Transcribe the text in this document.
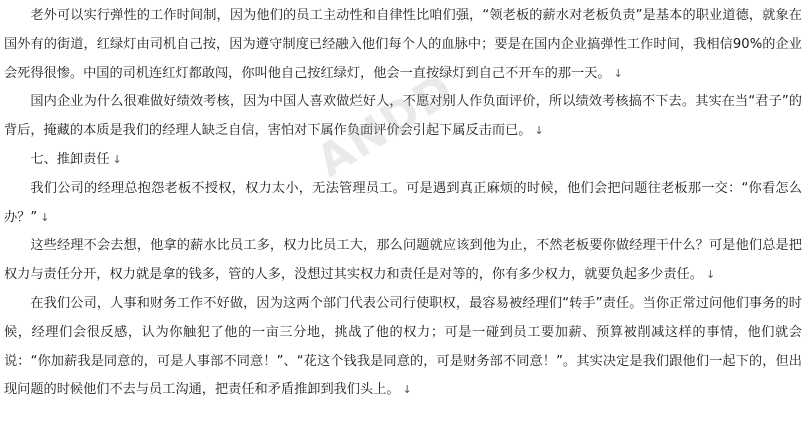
老外可以实行弹性的工作时间制，因为他们的员工主动性和自律性比咱们强，“领老板的薪水对老板负责”是基本的职业道德，就象在国外有的街道，红绿灯由司机自己按，因为遵守制度已经融入他们每个人的血脉中；要是在国内企业搞弹性工作时间，我相信90%的企业会死得很惨。中国的司机连红灯都敢闯，你叫他自己按红绿灯，他会一直按绿灯到自己不开车的那一天。 ↓

国内企业为什么很难做好绩效考核，因为中国人喜欢做烂好人，不愿对别人作负面评价，所以绩效考核搞不下去。其实在当“君子”的背后，掩藏的本质是我们的经理人缺乏自信，害怕对下属作负面评价会引起下属反击而已。 ↓

七、推卸责任 ↓

我们公司的经理总抱怨老板不授权，权力太小，无法管理员工。可是遇到真正麻烦的时候，他们会把问题往老板那一交：“你看怎么办？” ↓

这些经理不会去想，他拿的薪水比员工多，权力比员工大，那么问题就应该到他为止，不然老板要你做经理干什么？可是他们总是把权力与责任分开，权力就是拿的钱多，管的人多，没想过其实权力和责任是对等的，你有多少权力，就要负起多少责任。 ↓

在我们公司，人事和财务工作不好做，因为这两个部门代表公司行使职权，最容易被经理们“转手”责任。当你正常过问他们事务的时候，经理们会很反感，认为你触犯了他的一亩三分地，挑战了他的权力；可是一碰到员工要加薪、预算被削减这样的事情，他们就会说：“你加薪我是同意的，可是人事部不同意！”、“花这个钱我是同意的，可是财务部不同意！”。其实决定是我们跟他们一起下的，但出现问题的时候他们不去与员工沟通，把责任和矛盾推卸到我们头上。 ↓

ANDD
